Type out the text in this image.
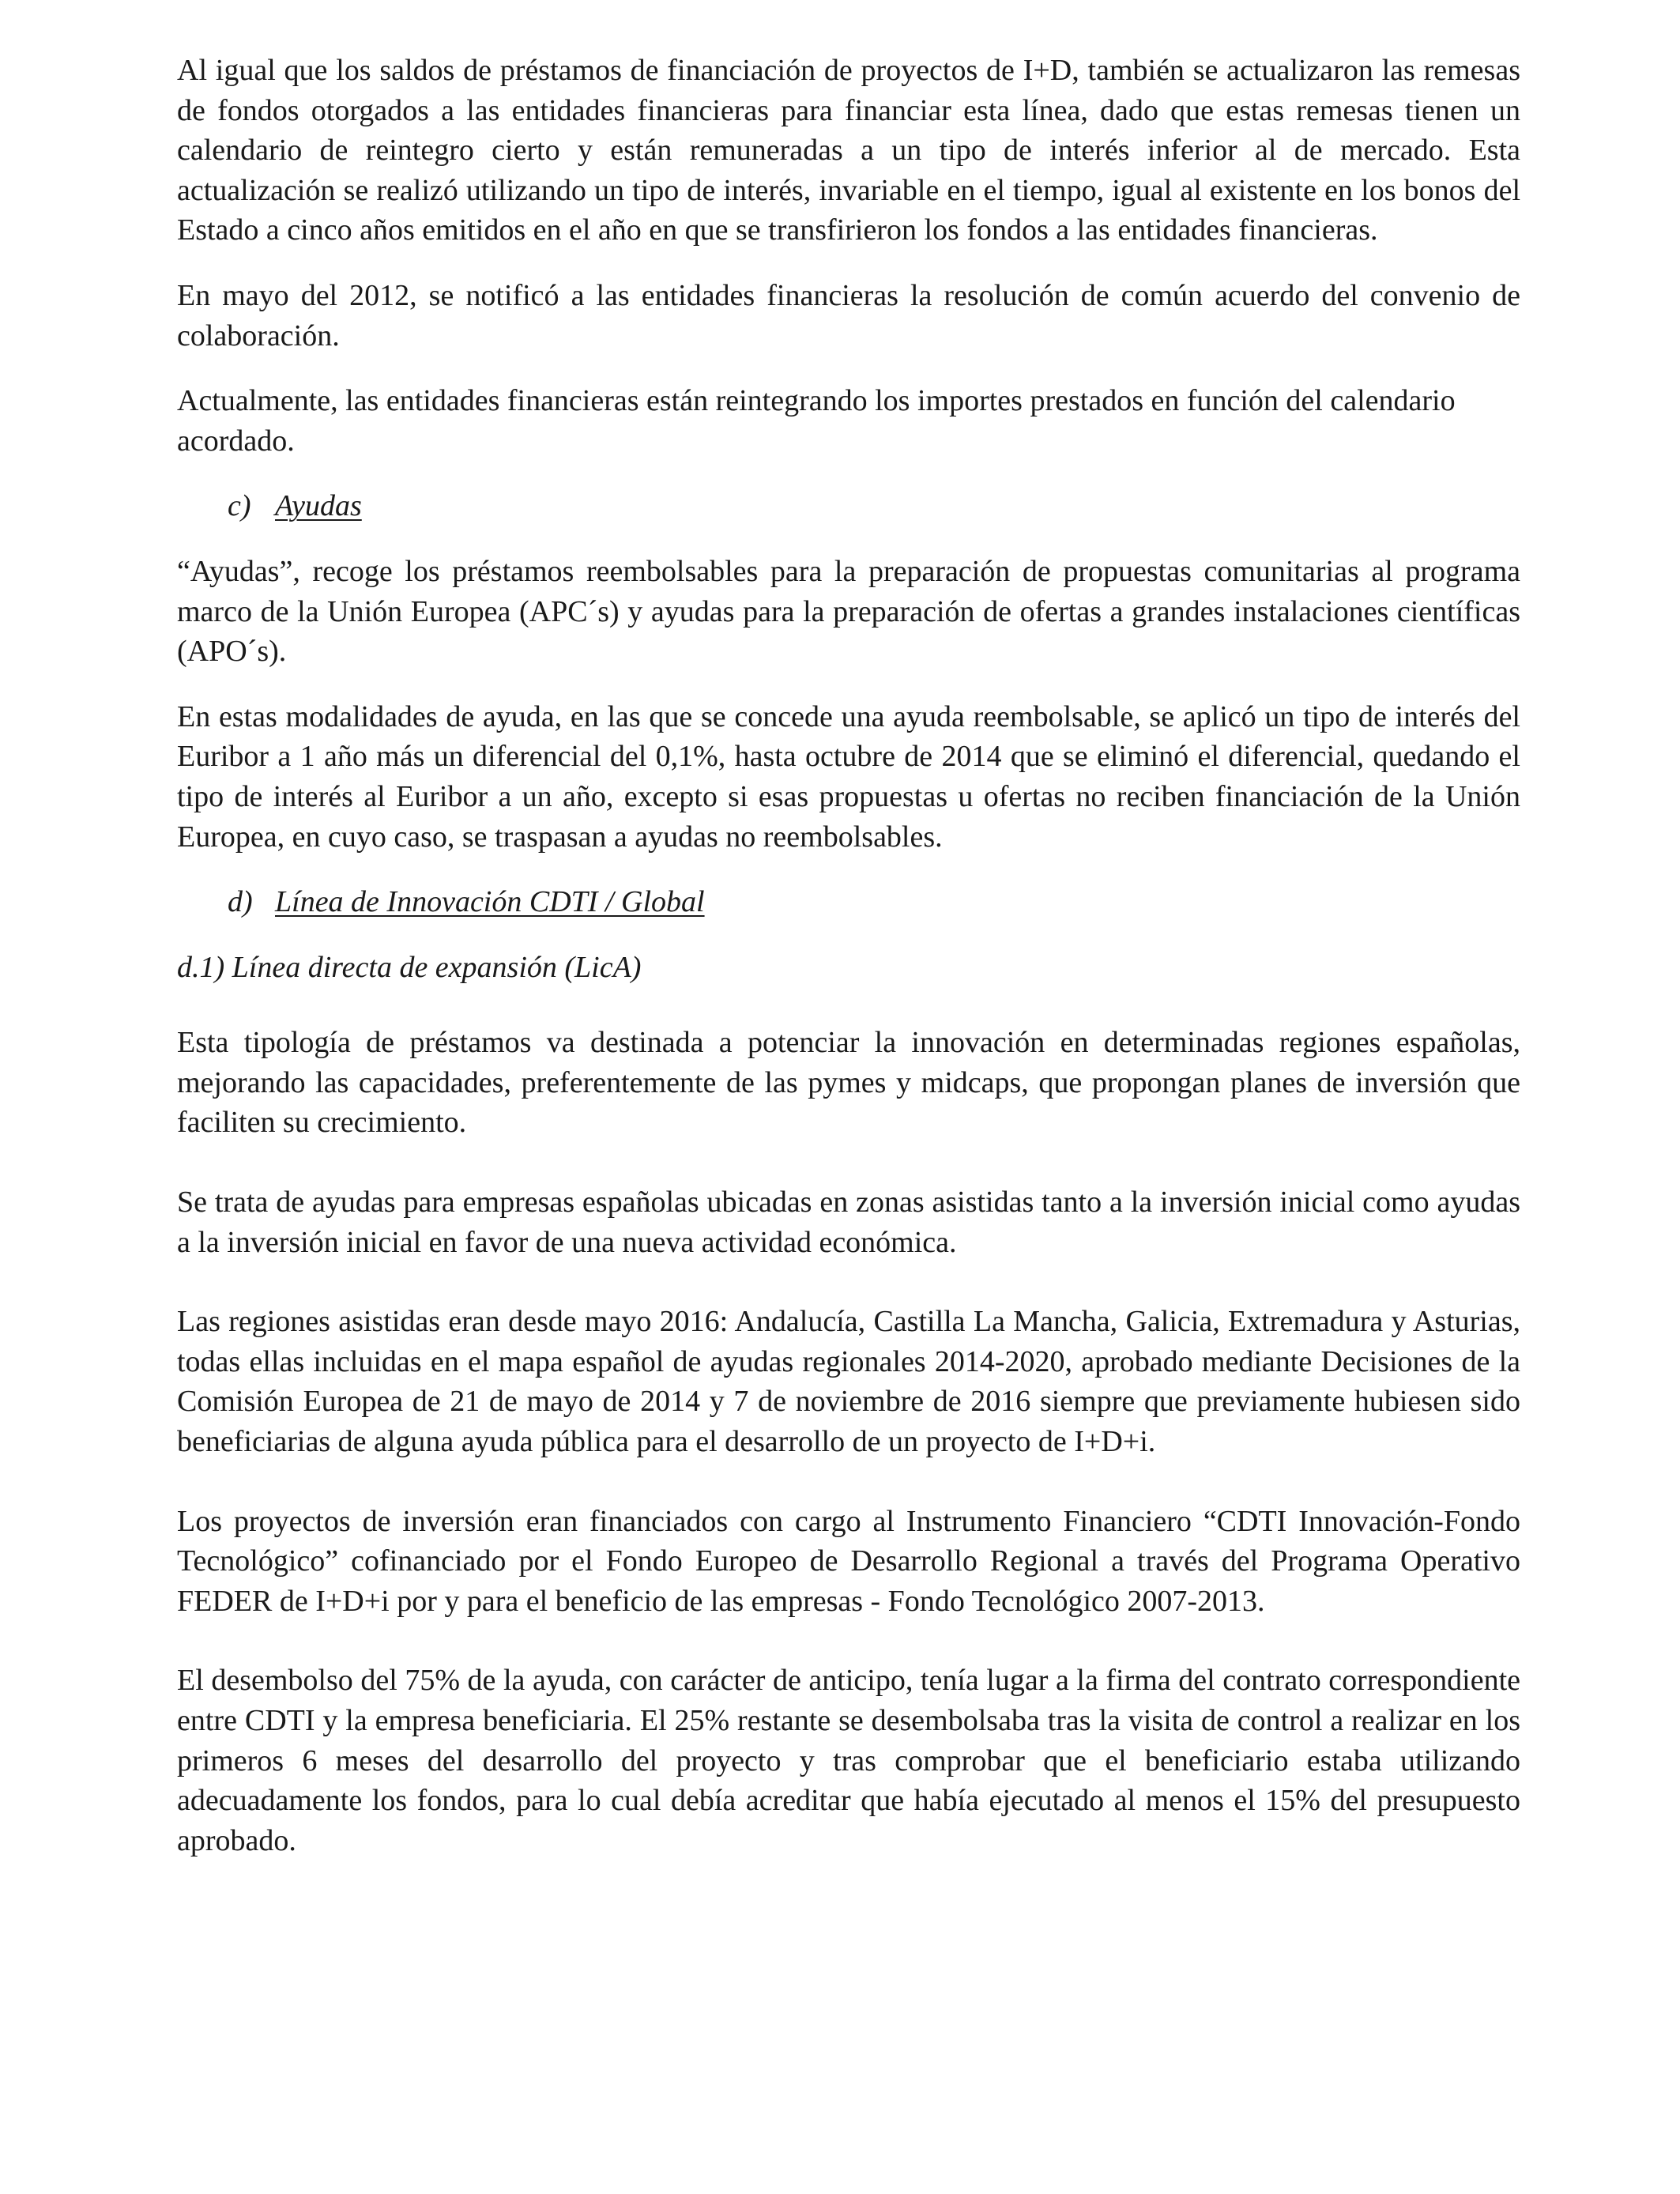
Al igual que los saldos de préstamos de financiación de proyectos de I+D, también se actualizaron las remesas de fondos otorgados a las entidades financieras para financiar esta línea, dado que estas remesas tienen un calendario de reintegro cierto y están remuneradas a un tipo de interés inferior al de mercado. Esta actualización se realizó utilizando un tipo de interés, invariable en el tiempo, igual al existente en los bonos del Estado a cinco años emitidos en el año en que se transfirieron los fondos a las entidades financieras.

En mayo del 2012, se notificó a las entidades financieras la resolución de común acuerdo del convenio de colaboración.

Actualmente, las entidades financieras están reintegrando los importes prestados en función del calendario acordado.

c) Ayudas

“Ayudas”, recoge los préstamos reembolsables para la preparación de propuestas comunitarias al programa marco de la Unión Europea (APC´s) y ayudas para la preparación de ofertas a grandes instalaciones científicas (APO´s).

En estas modalidades de ayuda, en las que se concede una ayuda reembolsable, se aplicó un tipo de interés del Euribor a 1 año más un diferencial del 0,1%, hasta octubre de 2014 que se eliminó el diferencial, quedando el tipo de interés al Euribor a un año, excepto si esas propuestas u ofertas no reciben financiación de la Unión Europea, en cuyo caso, se traspasan a ayudas no reembolsables.

d) Línea de Innovación CDTI / Global

d.1) Línea directa de expansión (LicA)

Esta tipología de préstamos va destinada a potenciar la innovación en determinadas regiones españolas, mejorando las capacidades, preferentemente de las pymes y midcaps, que propongan planes de inversión que faciliten su crecimiento.

Se trata de ayudas para empresas españolas ubicadas en zonas asistidas tanto a la inversión inicial como ayudas a la inversión inicial en favor de una nueva actividad económica.

Las regiones asistidas eran desde mayo 2016: Andalucía, Castilla La Mancha, Galicia, Extremadura y Asturias, todas ellas incluidas en el mapa español de ayudas regionales 2014-2020, aprobado mediante Decisiones de la Comisión Europea de 21 de mayo de 2014 y 7 de noviembre de 2016 siempre que previamente hubiesen sido beneficiarias de alguna ayuda pública para el desarrollo de un proyecto de I+D+i.

Los proyectos de inversión eran financiados con cargo al Instrumento Financiero “CDTI Innovación-Fondo Tecnológico” cofinanciado por el Fondo Europeo de Desarrollo Regional a través del Programa Operativo FEDER de I+D+i por y para el beneficio de las empresas - Fondo Tecnológico 2007-2013.

El desembolso del 75% de la ayuda, con carácter de anticipo, tenía lugar a la firma del contrato correspondiente entre CDTI y la empresa beneficiaria. El 25% restante se desembolsaba tras la visita de control a realizar en los primeros 6 meses del desarrollo del proyecto y tras comprobar que el beneficiario estaba utilizando adecuadamente los fondos, para lo cual debía acreditar que había ejecutado al menos el 15% del presupuesto aprobado.
